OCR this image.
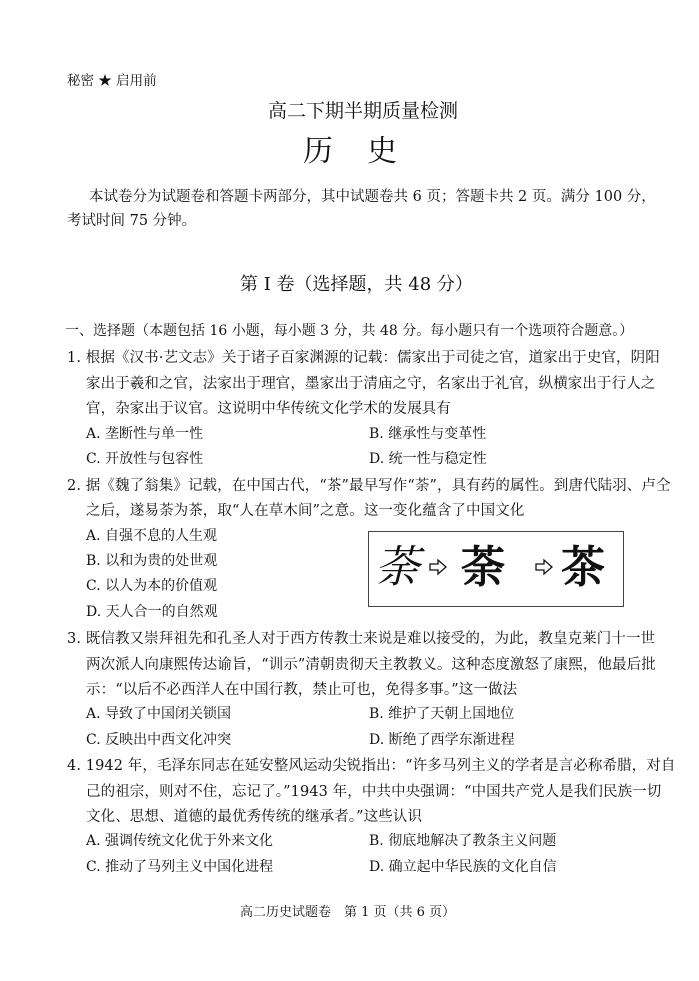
秘密 ★ 启用前
高二下期半期质量检测
历　史
本试卷分为试题卷和答题卡两部分，其中试题卷共 6 页；答题卡共 2 页。满分 100 分，
考试时间 75 分钟。
第 I 卷（选择题，共 48 分）
一、选择题（本题包括 16 小题，每小题 3 分，共 48 分。每小题只有一个选项符合题意。）
1. 根据《汉书·艺文志》关于诸子百家渊源的记载：儒家出于司徒之官，道家出于史官，阴阳
家出于羲和之官，法家出于理官，墨家出于清庙之守，名家出于礼官，纵横家出于行人之
官，杂家出于议官。这说明中华传统文化学术的发展具有
A. 垄断性与单一性	B. 继承性与变革性
C. 开放性与包容性	D. 统一性与稳定性
2. 据《魏了翁集》记载，在中国古代，“茶”最早写作“荼”，具有药的属性。到唐代陆羽、卢仝
之后，遂易荼为茶，取“人在草木间”之意。这一变化蕴含了中国文化
A. 自强不息的人生观
B. 以和为贵的处世观
C. 以人为本的价值观
D. 天人合一的自然观
荼 荼 茶
3. 既信教又崇拜祖先和孔圣人对于西方传教士来说是难以接受的，为此，教皇克莱门十一世
两次派人向康熙传达谕旨，“训示”清朝贵彻天主教教义。这种态度激怒了康熙，他最后批
示：“以后不必西洋人在中国行教，禁止可也，免得多事。”这一做法
A. 导致了中国闭关锁国	B. 维护了天朝上国地位
C. 反映出中西文化冲突	D. 断绝了西学东渐进程
4. 1942 年，毛泽东同志在延安整风运动尖锐指出：“许多马列主义的学者是言必称希腊，对自
己的祖宗，则对不住，忘记了。”1943 年，中共中央强调：“中国共产党人是我们民族一切
文化、思想、道德的最优秀传统的继承者。”这些认识
A. 强调传统文化优于外来文化	B. 彻底地解决了教条主义问题
C. 推动了马列主义中国化进程	D. 确立起中华民族的文化自信
高二历史试题卷　第 1 页（共 6 页）
